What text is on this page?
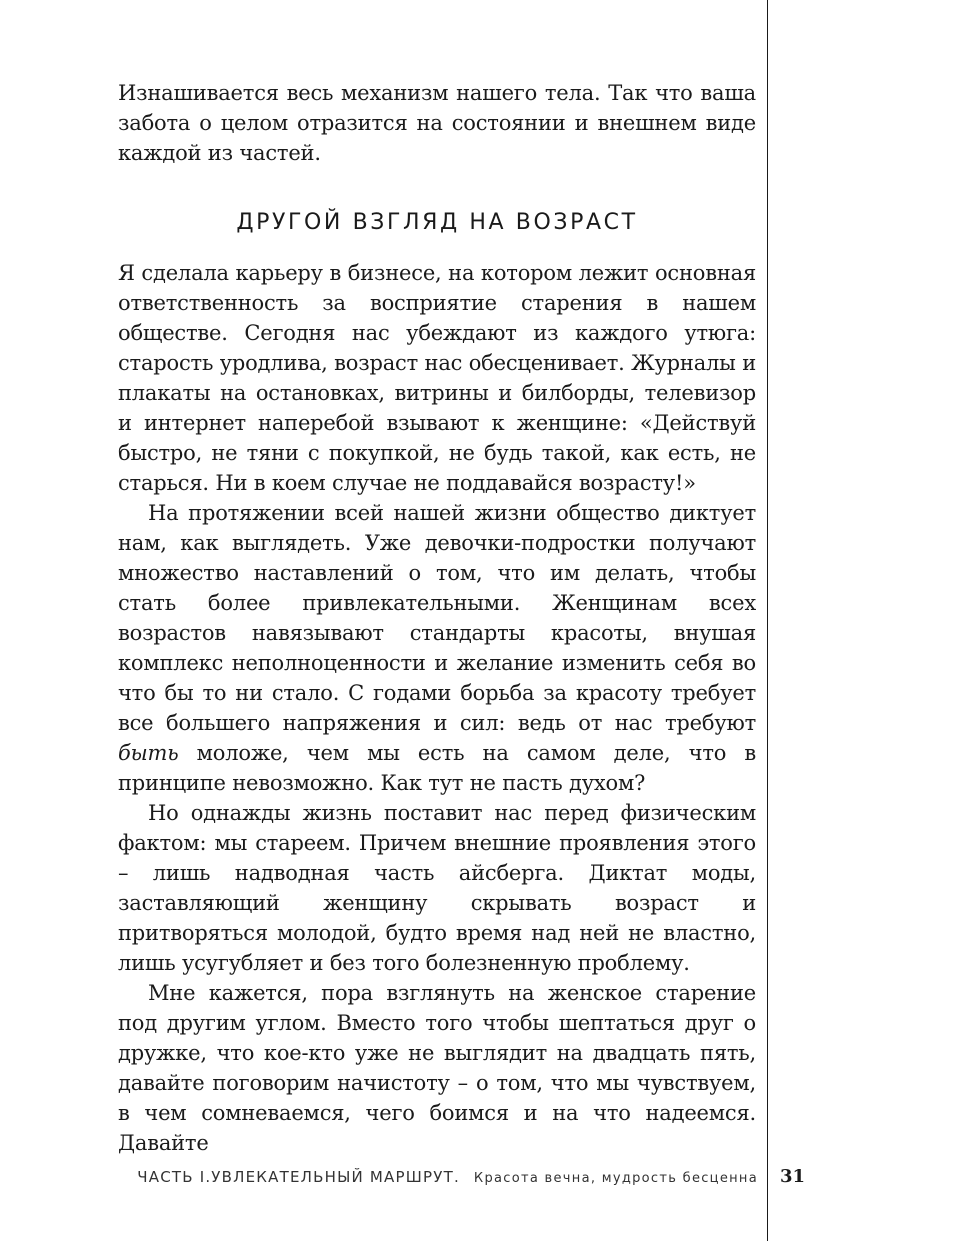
Изнашивается весь механизм нашего тела. Так что ваша забота о целом отразится на состоянии и внешнем виде каждой из частей.

ДРУГОЙ ВЗГЛЯД НА ВОЗРАСТ

Я сделала карьеру в бизнесе, на котором лежит основная ответственность за восприятие старения в нашем обществе. Сегодня нас убеждают из каждого утюга: старость уродлива, возраст нас обесценивает. Журналы и плакаты на остановках, витрины и билборды, телевизор и интернет наперебой взывают к женщине: «Действуй быстро, не тяни с покупкой, не будь такой, как есть, не старься. Ни в коем случае не поддавайся возрасту!»

На протяжении всей нашей жизни общество диктует нам, как выглядеть. Уже девочки-подростки получают множество наставлений о том, что им делать, чтобы стать более привлекательными. Женщинам всех возрастов навязывают стандарты красоты, внушая комплекс неполноценности и желание изменить себя во что бы то ни стало. С годами борьба за красоту требует все большего напряжения и сил: ведь от нас требуют быть моложе, чем мы есть на самом деле, что в принципе невозможно. Как тут не пасть духом?

Но однажды жизнь поставит нас перед физическим фактом: мы стареем. Причем внешние проявления этого – лишь надводная часть айсберга. Диктат моды, заставляющий женщину скрывать возраст и притворяться молодой, будто время над ней не властно, лишь усугубляет и без того болезненную проблему.

Мне кажется, пора взглянуть на женское старение под другим углом. Вместо того чтобы шептаться друг о дружке, что кое-кто уже не выглядит на двадцать пять, давайте поговорим начистоту – о том, что мы чувствуем, в чем сомневаемся, чего боимся и на что надеемся. Давайте

ЧАСТЬ I.УВЛЕКАТЕЛЬНЫЙ МАРШРУТ. Красота вечна, мудрость бесценна 31
